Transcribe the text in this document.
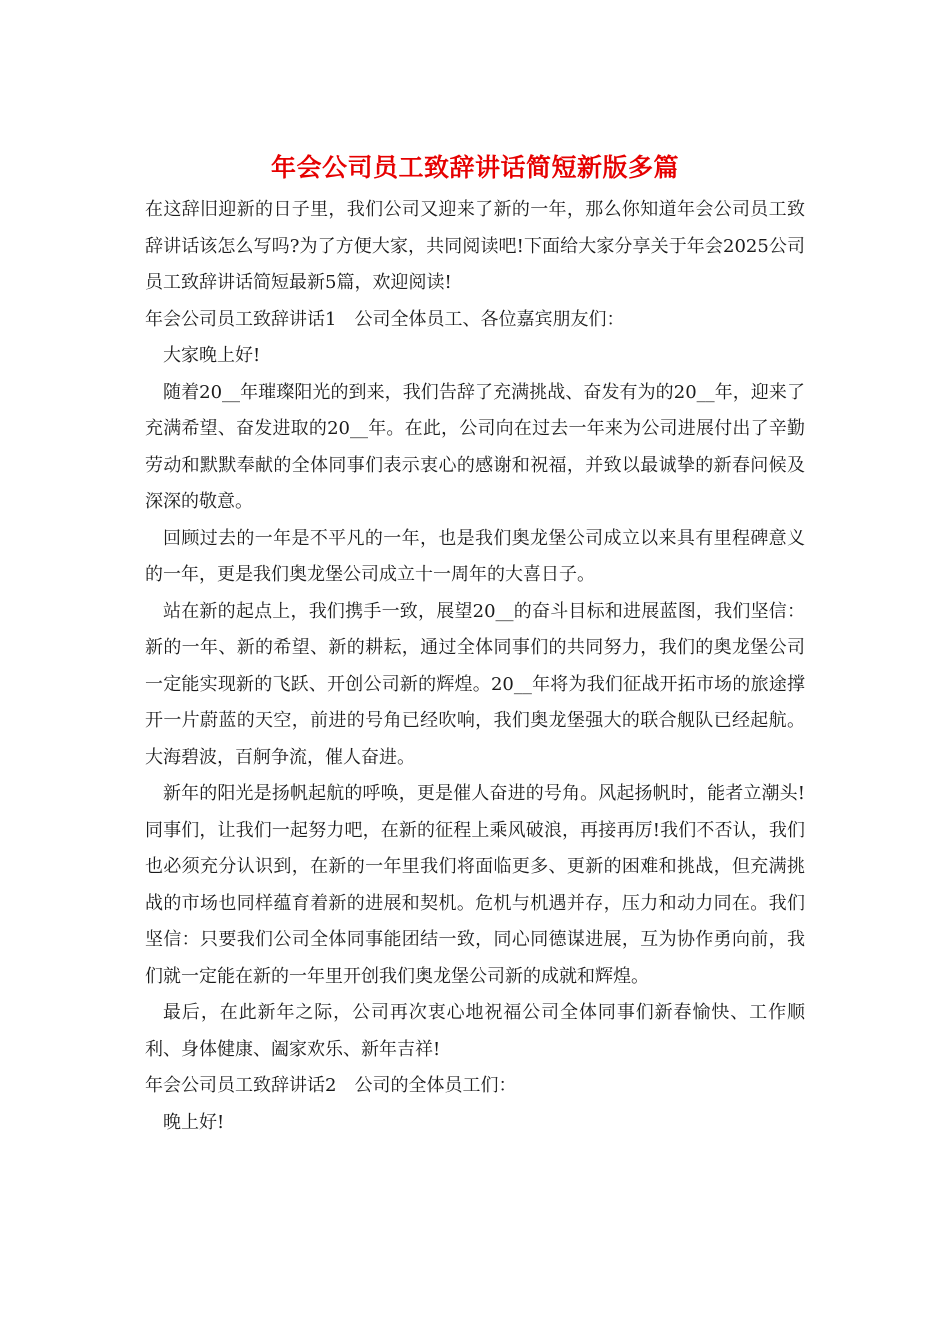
年会公司员工致辞讲话简短新版多篇

在这辞旧迎新的日子里，我们公司又迎来了新的一年，那么你知道年会公司员工致辞讲话该怎么写吗?为了方便大家，共同阅读吧!下面给大家分享关于年会2025公司员工致辞讲话简短最新5篇，欢迎阅读!

年会公司员工致辞讲话1　公司全体员工、各位嘉宾朋友们：

大家晚上好!

随着20__年璀璨阳光的到来，我们告辞了充满挑战、奋发有为的20__年，迎来了充满希望、奋发进取的20__年。在此，公司向在过去一年来为公司进展付出了辛勤劳动和默默奉献的全体同事们表示衷心的感谢和祝福，并致以最诚挚的新春问候及深深的敬意。

回顾过去的一年是不平凡的一年，也是我们奥龙堡公司成立以来具有里程碑意义的一年，更是我们奥龙堡公司成立十一周年的大喜日子。

站在新的起点上，我们携手一致，展望20__的奋斗目标和进展蓝图，我们坚信：新的一年、新的希望、新的耕耘，通过全体同事们的共同努力，我们的奥龙堡公司一定能实现新的飞跃、开创公司新的辉煌。20__年将为我们征战开拓市场的旅途撑开一片蔚蓝的天空，前进的号角已经吹响，我们奥龙堡强大的联合舰队已经起航。大海碧波，百舸争流，催人奋进。

新年的阳光是扬帆起航的呼唤，更是催人奋进的号角。风起扬帆时，能者立潮头!同事们，让我们一起努力吧，在新的征程上乘风破浪，再接再厉!我们不否认，我们也必须充分认识到，在新的一年里我们将面临更多、更新的困难和挑战，但充满挑战的市场也同样蕴育着新的进展和契机。危机与机遇并存，压力和动力同在。我们坚信：只要我们公司全体同事能团结一致，同心同德谋进展，互为协作勇向前，我们就一定能在新的一年里开创我们奥龙堡公司新的成就和辉煌。

最后，在此新年之际，公司再次衷心地祝福公司全体同事们新春愉快、工作顺利、身体健康、阖家欢乐、新年吉祥!

年会公司员工致辞讲话2　公司的全体员工们：

晚上好!
